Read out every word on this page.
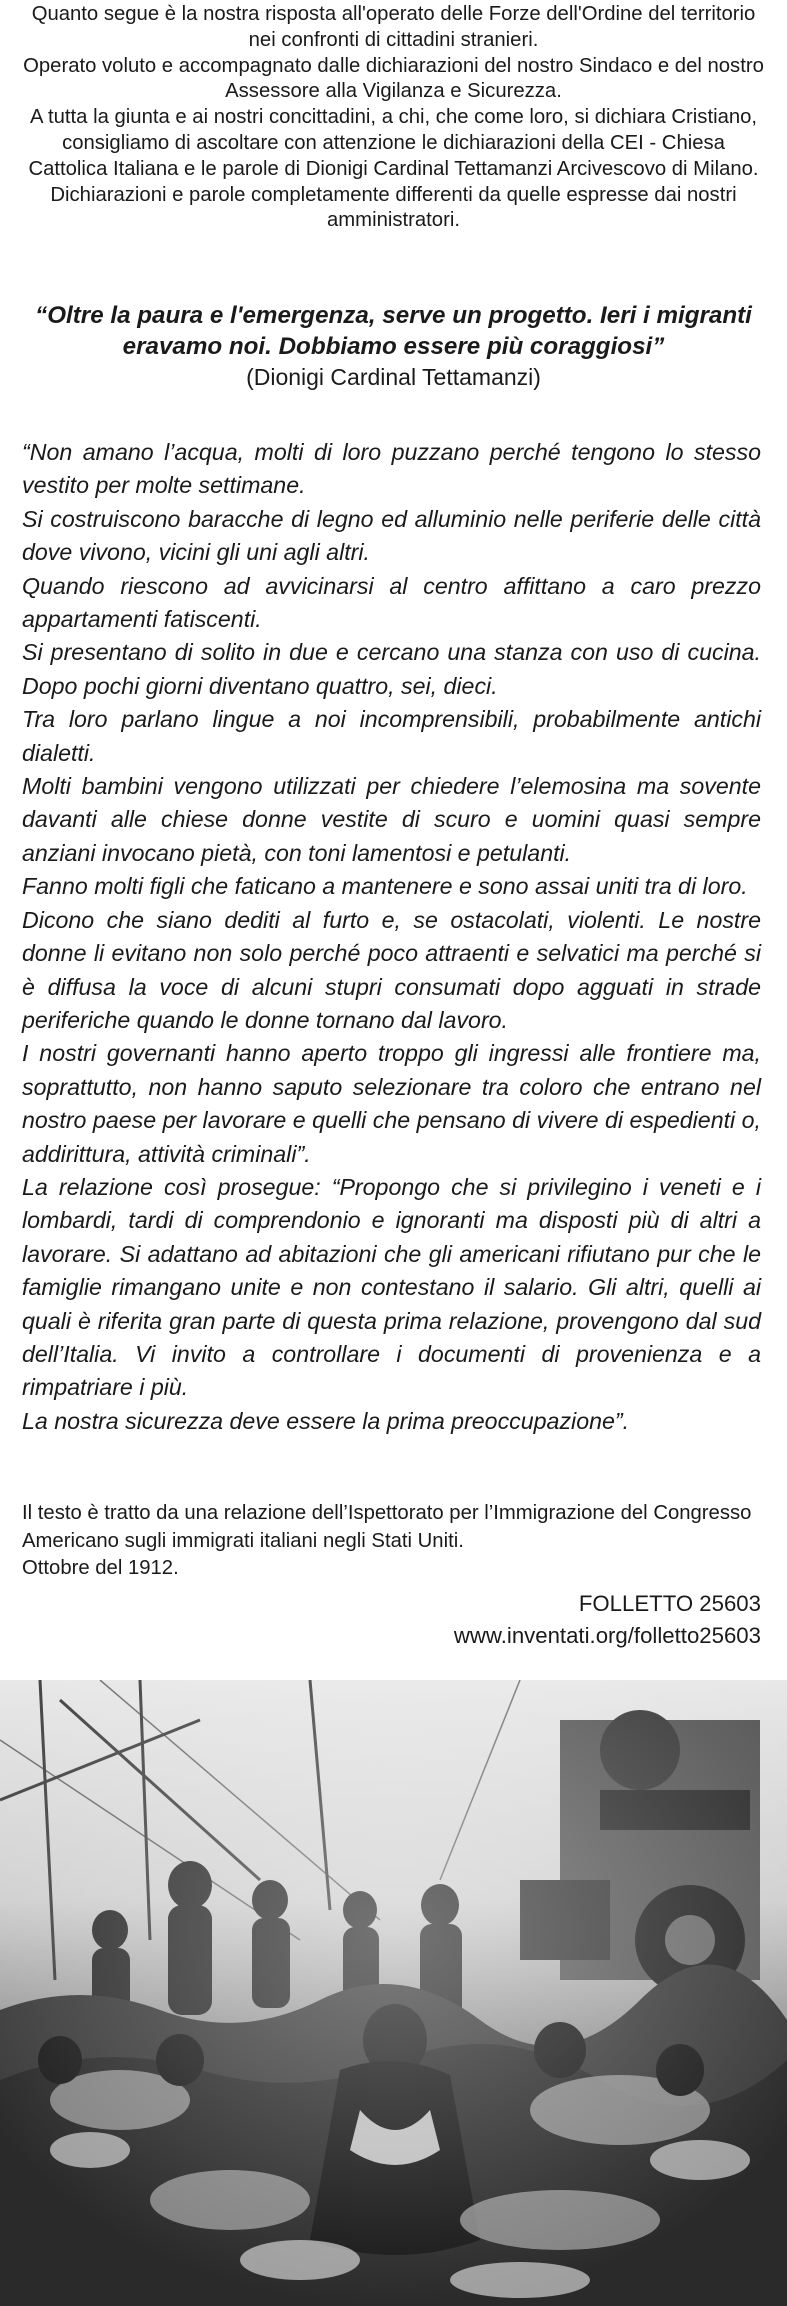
Quanto segue è la nostra risposta all'operato delle Forze dell'Ordine del territorio nei confronti di cittadini stranieri.

Operato voluto e accompagnato dalle dichiarazioni del nostro Sindaco e del nostro Assessore alla Vigilanza e Sicurezza.

A tutta la giunta e ai nostri concittadini, a chi, che come loro, si dichiara Cristiano, consigliamo di ascoltare con attenzione le dichiarazioni della CEI - Chiesa Cattolica Italiana e le parole di Dionigi Cardinal Tettamanzi Arcivescovo di Milano. Dichiarazioni e parole completamente differenti da quelle espresse dai nostri amministratori.

“Oltre la paura e l'emergenza, serve un progetto. Ieri i migranti eravamo noi. Dobbiamo essere più coraggiosi”

(Dionigi Cardinal Tettamanzi)

“Non amano l’acqua, molti di loro puzzano perché tengono lo stesso vestito per molte settimane.

Si costruiscono baracche di legno ed alluminio nelle periferie delle città dove vivono, vicini gli uni agli altri.

Quando riescono ad avvicinarsi al centro affittano a caro prezzo appartamenti fatiscenti.

Si presentano di solito in due e cercano una stanza con uso di cucina. Dopo pochi giorni diventano quattro, sei, dieci.

Tra loro parlano lingue a noi incomprensibili, probabilmente antichi dialetti.

Molti bambini vengono utilizzati per chiedere l’elemosina ma sovente davanti alle chiese donne vestite di scuro e uomini quasi sempre anziani invocano pietà, con toni lamentosi e petulanti.

Fanno molti figli che faticano a mantenere e sono assai uniti tra di loro.

Dicono che siano dediti al furto e, se ostacolati, violenti. Le nostre donne li evitano non solo perché poco attraenti e selvatici ma perché si è diffusa la voce di alcuni stupri consumati dopo agguati in strade periferiche quando le donne tornano dal lavoro.

I nostri governanti hanno aperto troppo gli ingressi alle frontiere ma, soprattutto, non hanno saputo selezionare tra coloro che entrano nel nostro paese per lavorare e quelli che pensano di vivere di espedienti o, addirittura, attività criminali”.

La relazione così prosegue: “Propongo che si privilegino i veneti e i lombardi, tardi di comprendonio e ignoranti ma disposti più di altri a lavorare. Si adattano ad abitazioni che gli americani rifiutano pur che le famiglie rimangano unite e non contestano il salario. Gli altri, quelli ai quali è riferita gran parte di questa prima relazione, provengono dal sud dell’Italia. Vi invito a controllare i documenti di provenienza e a rimpatriare i più.

La nostra sicurezza deve essere la prima preoccupazione”.

Il testo è tratto da una relazione dell’Ispettorato per l’Immigrazione del Congresso Americano sugli immigrati italiani negli Stati Uniti.

Ottobre del 1912.

FOLLETTO 25603

www.inventati.org/folletto25603
